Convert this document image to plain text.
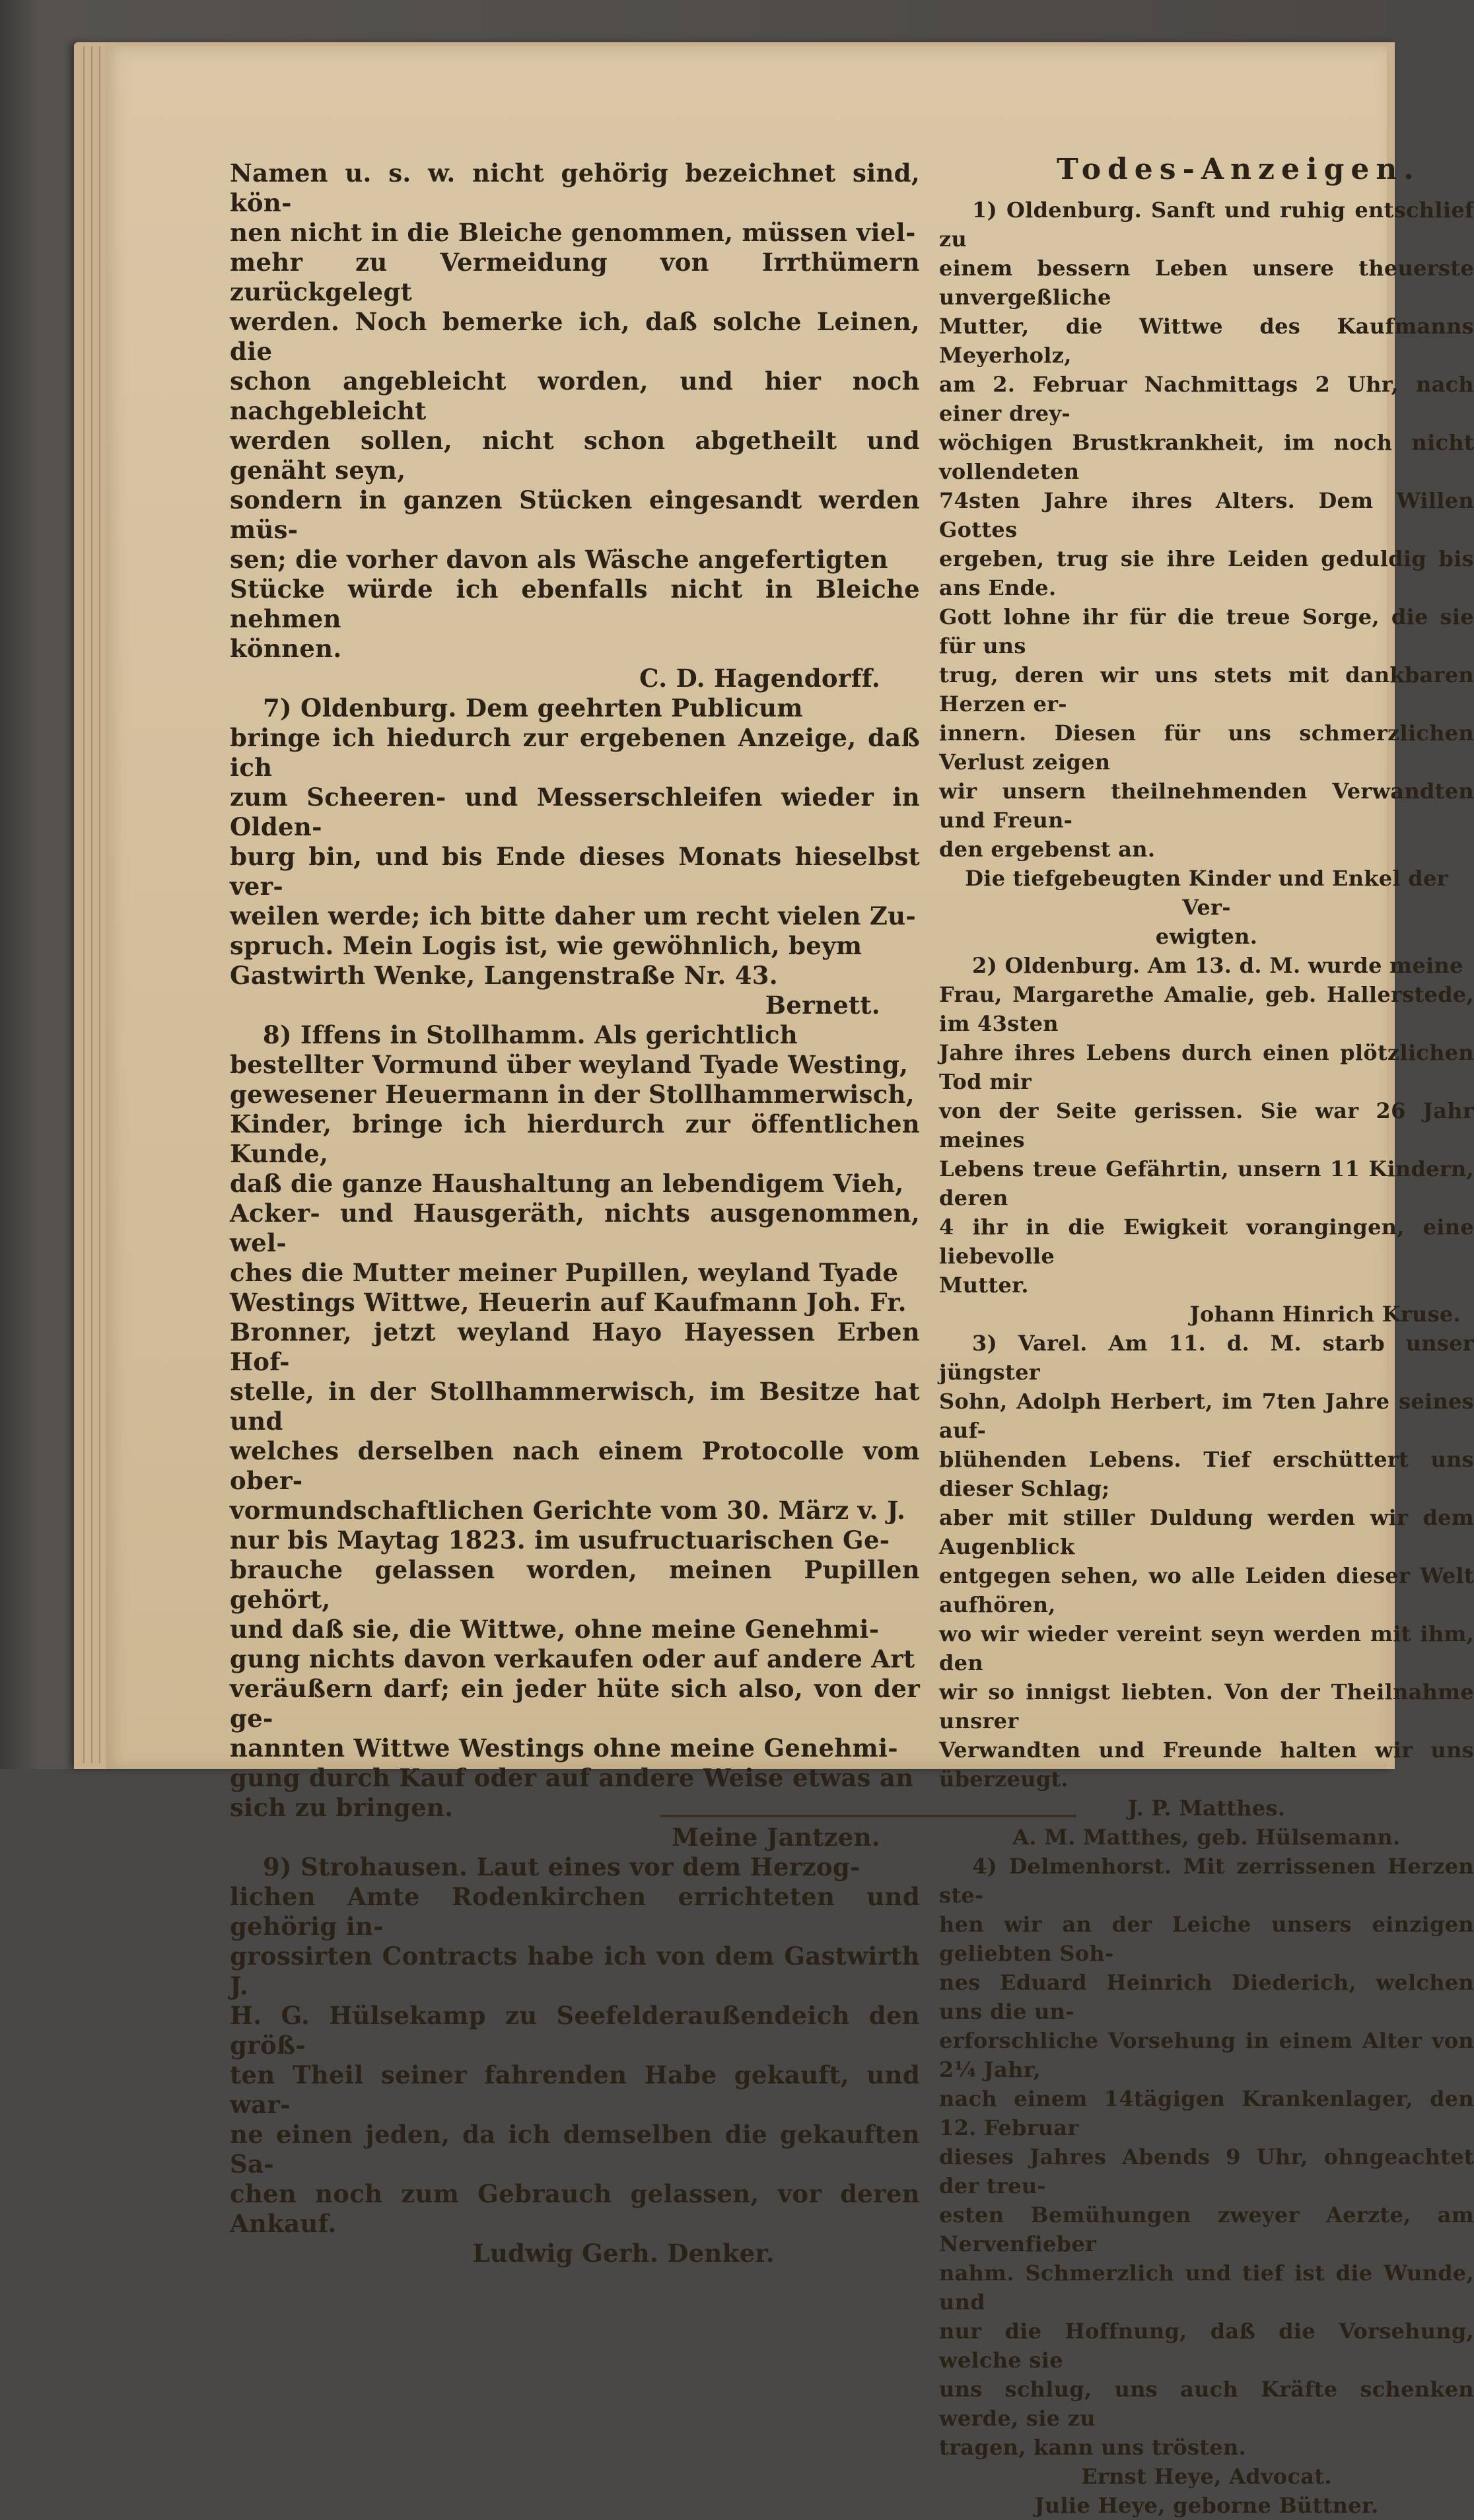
Namen u. s. w. nicht gehörig bezeichnet sind, kön-
nen nicht in die Bleiche genommen, müssen viel-
mehr zu Vermeidung von Irrthümern zurückgelegt
werden. Noch bemerke ich, daß solche Leinen, die
schon angebleicht worden, und hier noch nachgebleicht
werden sollen, nicht schon abgetheilt und genäht seyn,
sondern in ganzen Stücken eingesandt werden müs-
sen; die vorher davon als Wäsche angefertigten
Stücke würde ich ebenfalls nicht in Bleiche nehmen
können.

C. D. Hagendorff.

7) Oldenburg. Dem geehrten Publicum
bringe ich hiedurch zur ergebenen Anzeige, daß ich
zum Scheeren- und Messerschleifen wieder in Olden-
burg bin, und bis Ende dieses Monats hieselbst ver-
weilen werde; ich bitte daher um recht vielen Zu-
spruch. Mein Logis ist, wie gewöhnlich, beym
Gastwirth Wenke, Langenstraße Nr. 43.

Bernett.

8) Iffens in Stollhamm. Als gerichtlich
bestellter Vormund über weyland Tyade Westing,
gewesener Heuermann in der Stollhammerwisch,
Kinder, bringe ich hierdurch zur öffentlichen Kunde,
daß die ganze Haushaltung an lebendigem Vieh,
Acker- und Hausgeräth, nichts ausgenommen, wel-
ches die Mutter meiner Pupillen, weyland Tyade
Westings Wittwe, Heuerin auf Kaufmann Joh. Fr.
Bronner, jetzt weyland Hayo Hayessen Erben Hof-
stelle, in der Stollhammerwisch, im Besitze hat und
welches derselben nach einem Protocolle vom ober-
vormundschaftlichen Gerichte vom 30. März v. J.
nur bis Maytag 1823. im usufructuarischen Ge-
brauche gelassen worden, meinen Pupillen gehört,
und daß sie, die Wittwe, ohne meine Genehmi-
gung nichts davon verkaufen oder auf andere Art
veräußern darf; ein jeder hüte sich also, von der ge-
nannten Wittwe Westings ohne meine Genehmi-
gung durch Kauf oder auf andere Weise etwas an
sich zu bringen.

Meine Jantzen.

9) Strohausen. Laut eines vor dem Herzog-
lichen Amte Rodenkirchen errichteten und gehörig in-
grossirten Contracts habe ich von dem Gastwirth J.
H. G. Hülsekamp zu Seefelderaußendeich den größ-
ten Theil seiner fahrenden Habe gekauft, und war-
ne einen jeden, da ich demselben die gekauften Sa-
chen noch zum Gebrauch gelassen, vor deren Ankauf.

Ludwig Gerh. Denker.

Todes-Anzeigen.

1) Oldenburg. Sanft und ruhig entschlief zu
einem bessern Leben unsere theuerste unvergeßliche
Mutter, die Wittwe des Kaufmanns Meyerholz,
am 2. Februar Nachmittags 2 Uhr, nach einer drey-
wöchigen Brustkrankheit, im noch nicht vollendeten
74sten Jahre ihres Alters. Dem Willen Gottes
ergeben, trug sie ihre Leiden geduldig bis ans Ende.
Gott lohne ihr für die treue Sorge, die sie für uns
trug, deren wir uns stets mit dankbaren Herzen er-
innern. Diesen für uns schmerzlichen Verlust zeigen
wir unsern theilnehmenden Verwandten und Freun-
den ergebenst an.

Die tiefgebeugten Kinder und Enkel der Ver-
ewigten.

2) Oldenburg. Am 13. d. M. wurde meine
Frau, Margarethe Amalie, geb. Hallerstede, im 43sten
Jahre ihres Lebens durch einen plötzlichen Tod mir
von der Seite gerissen. Sie war 26 Jahr meines
Lebens treue Gefährtin, unsern 11 Kindern, deren
4 ihr in die Ewigkeit vorangingen, eine liebevolle
Mutter.

Johann Hinrich Kruse.

3) Varel. Am 11. d. M. starb unser jüngster
Sohn, Adolph Herbert, im 7ten Jahre seines auf-
blühenden Lebens. Tief erschüttert uns dieser Schlag;
aber mit stiller Duldung werden wir dem Augenblick
entgegen sehen, wo alle Leiden dieser Welt aufhören,
wo wir wieder vereint seyn werden mit ihm, den
wir so innigst liebten. Von der Theilnahme unsrer
Verwandten und Freunde halten wir uns überzeugt.

J. P. Matthes.
A. M. Matthes, geb. Hülsemann.

4) Delmenhorst. Mit zerrissenen Herzen ste-
hen wir an der Leiche unsers einzigen geliebten Soh-
nes Eduard Heinrich Diederich, welchen uns die un-
erforschliche Vorsehung in einem Alter von 2¼ Jahr,
nach einem 14tägigen Krankenlager, den 12. Februar
dieses Jahres Abends 9 Uhr, ohngeachtet der treu-
esten Bemühungen zweyer Aerzte, am Nervenfieber
nahm. Schmerzlich und tief ist die Wunde, und
nur die Hoffnung, daß die Vorsehung, welche sie
uns schlug, uns auch Kräfte schenken werde, sie zu
tragen, kann uns trösten.

Ernst Heye, Advocat.
Julie Heye, geborne Büttner.
